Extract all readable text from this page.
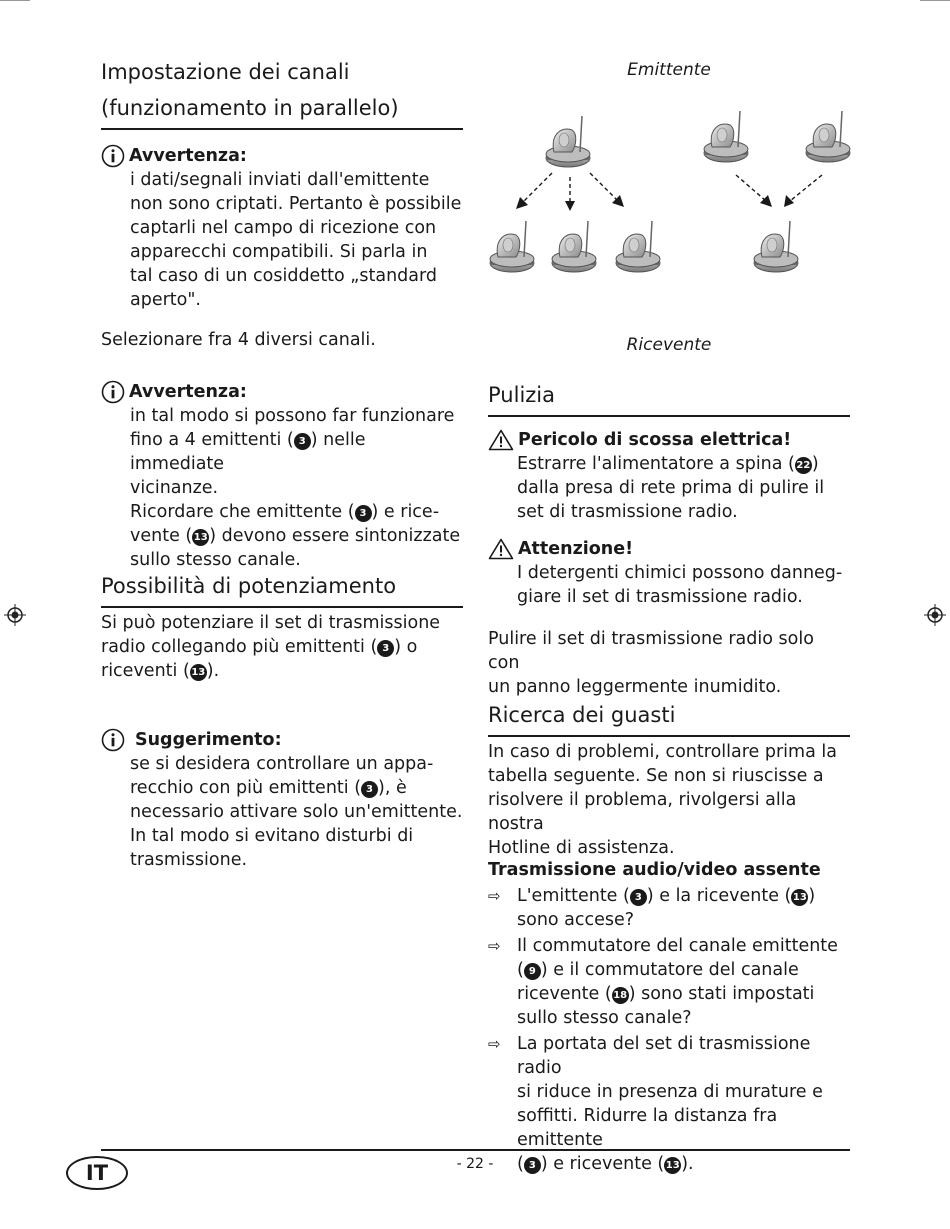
Impostazione dei canali
(funzionamento in parallelo)
Avvertenza:

i dati/segnali inviati dall'emittente

non sono criptati. Pertanto è possibile

captarli nel campo di ricezione con

apparecchi compatibili. Si parla in

tal caso di un cosiddetto „standard

aperto".

Selezionare fra 4 diversi canali.

Avvertenza:

in tal modo si possono far funzionare

fino a 4 emittenti ( 3 ) nelle immediate

vicinanze.

Ricordare che emittente ( 3 ) e rice-

vente ( 13) devono essere sintonizzate

sullo stesso canale.

Possibilità di potenziamento

Si può potenziare il set di trasmissione

radio collegando più emittenti ( 3 ) o

riceventi ( 13).

Suggerimento:

se si desidera controllare un appa-

recchio con più emittenti ( 3 ), è

necessario attivare solo un'emittente.

In tal modo si evitano disturbi di

trasmissione.

Emittente
Ricevente
Pulizia
Pericolo di scossa elettrica!

Estrarre l'alimentatore a spina ( 22)

dalla presa di rete prima di pulire il

set di trasmissione radio.

Attenzione!

I detergenti chimici possono danneg-

giare il set di trasmissione radio.

Pulire il set di trasmissione radio solo con

un panno leggermente inumidito.

Ricerca dei guasti

In caso di problemi, controllare prima la

tabella seguente. Se non si riuscisse a

risolvere il problema, rivolgersi alla nostra

Hotline di assistenza.

Trasmissione audio/video assente

⇨ L'emittente ( 3 ) e la ricevente ( 13)
sono accese?
⇨ Il commutatore del canale emittente
( 9 ) e il commutatore del canale
ricevente ( 18) sono stati impostati
sullo stesso canale?
⇨ La portata del set di trasmissione radio
si riduce in presenza di murature e
soffitti. Ridurre la distanza fra emittente
( 3 ) e ricevente ( 13).
- 22 -
IT
